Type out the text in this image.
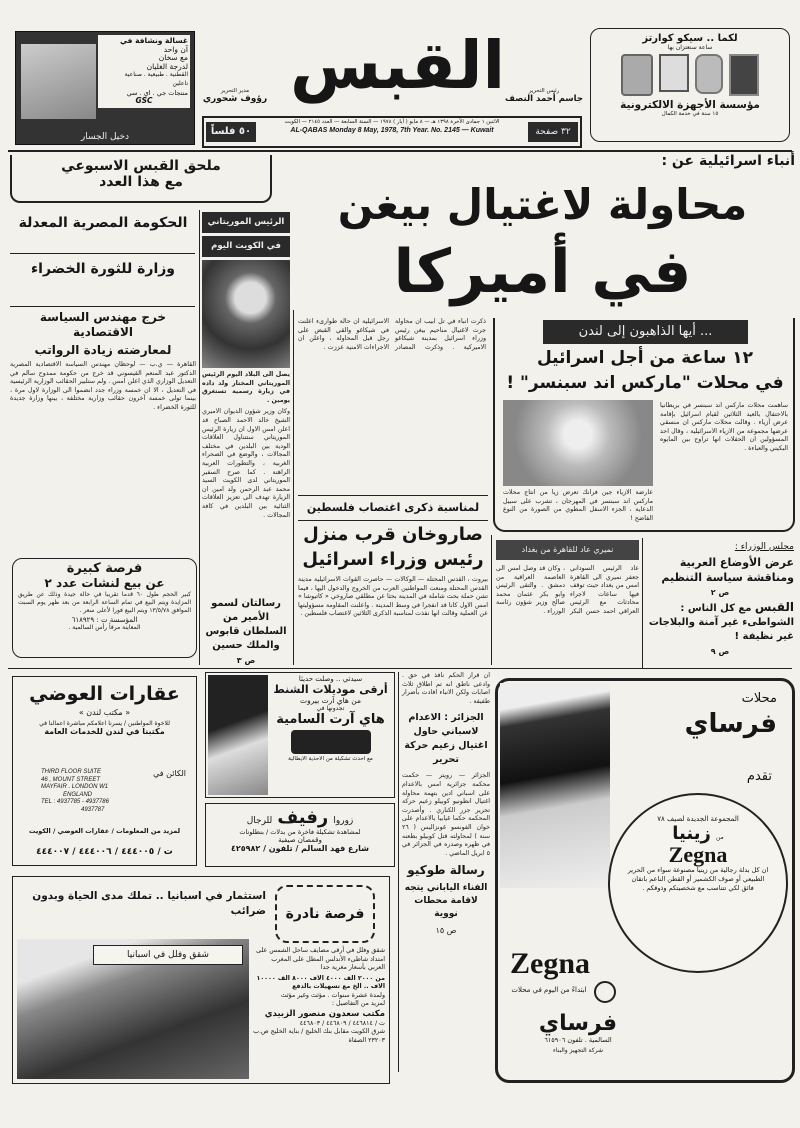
غسالة ونشافة في
آن واحد
مع سخان
لدرجة الغليان
القطنية . طبيعية . صناعية
ناعلين
منتجات جي . اي . سي
GSC
دخيل الجسار
القبس
مدير التحرير
رؤوف شحوري
رئيس التحرير
جاسم أحمد النصف
٥٠ فلساً	٣٢ صفحة
الاثنين ١ جمادى الآخرة ١٣٩٨ هـ — ٨ مايو ( أيار ) ١٩٧٨ — السنة السابعة — العدد ٢١٤٥ — الكويت
AL-QABAS Monday 8 May, 1978, 7th Year. No. 2145 — Kuwait
لكما .. سيكو كوارتز
ساعة سنعتزان بها
مؤسسة الأجهزة الالكترونية
١٥ سنة في خدمة الكمال
ملحق القبس الاسبوعي
مع هذا العدد
أنباء اسرائيلية عن :
محاولة لاغتيال بيغن
في أميركا
الحكومة المصرية المعدلة
وزارة للثورة الخضراء
خرج مهندس السياسة الاقتصادية
لمعارضته زيادة الرواتب
القاهرة — ي.ب — لوحظان مهندس السياسة الاقتصادية المصرية الدكتور عبد المنعم القيسوني قد خرج من حكومة ممدوح سالم في التعديل الوزاري الذي اعلن امس . ولم ستلبير الحقائب الوزارية الرئيسية في التعديل ، الا ان خمسة وزراء جدد انضموا الى الوزارة لاول مرة ، بينما تولى خمسة آخرون حقائب وزارية مختلفة ، بينها وزارة جديدة للثورة الخضراء .
الرئيس الموريتاني
في الكويت اليوم
يصل الى البلاد اليوم الرئيس الموريتاني المختار ولد داده في زيارة رسمية تستغرق يومين .
وكان وزير شؤون الديوان الاميري الشيخ خالد الاحمد الصباح قد اعلن امس الاول ان زيارة الرئيس الموريتاني ستتناول العلاقات الودية بين البلدين في مختلف المجالات ، والوضع في الصحراء الغربية ، والتطورات العربية الراهنة . كما صرح السفير الموريتاني لدى الكويت السيد محمد عبد الرحمن ولد امين ان الزيارة تهدف الى تعزيز العلاقات الثنائية بين البلدين في كافة المجالات .
رسالتان لسمو الأمير من السلطان قابوس والملك حسين
ص ٣
ذكرت انباء في تل ابيب ان محاولة جرت لاغتيال مناحيم بيغن رئيس وزراء اسرائيل بمدينة شيكاغو الاميركية . وذكرت المصادر الاسرائيلية ان حالة طوارىء اعلنت في شيكاغو والقي القبض على رجل قبل المحاولة ، واعلن ان الاجراءات الامنية عززت .
أيها الذاهبون إلى لندن ...
١٢ ساعة من أجل اسرائيل
في محلات "ماركس اند سبنسر" !
ساهمت محلات ماركس اند سبنسر في بريطانيا بالاحتفال بالعيد الثلاثين لقيام اسرائيل بإقامة عرض أزياء . وقالت محلات ماركس ان منسقي عرضها مجموعة من الازياء الاسرائيلية ، وقال احد المسؤولين ان الحفلات انها تراوح بين المايوه البكيني والعباءة .
عارضة الازياء جين فرانك تعرض زيا من انتاج محلات ماركس اند سبنسر في المهرجان ، تشرب على سبيل الدعاية ، الجزء الاسفل المطوي من الصورة من النوع الفاضح !
لمناسبة ذكرى اغتصاب فلسطين
صاروخان قرب منزل
رئيس وزراء اسرائيل
بيروت ، القدس المحتلة — الوكالات — حاصرت القوات الاسرائيلية مدينة القدس المحتلة ومنعت المواطنين العرب من الخروج والدخول اليها ، فيما تشن حملة بحث شاملة في المدينة بحثا عن مطلقي صاروخي « كاتيوشا » امس الاول كانا قد انفجرا في وسط المدينة . واعلنت المقاومة مسؤوليتها عن العملية وقالت انها نفذت لمناسبة الذكرى الثلاثين لاغتصاب فلسطين .
نميري عاد للقاهرة من بغداد
عاد الرئيس السوداني جعفر نميري الى القاهرة امس من بغداد حيث توقف فيها ساعات لاجراء محادثات مع الرئيس العراقي احمد حسن البكر ، وكان قد وصل امس الى العاصمة العراقية من دمشق . والتقى الرئيس وابو بكر عثمان محمد صالح وزير شؤون رئاسة الوزراء .
مجلس الوزراء :
عرض الأوضاع العربية ومناقشة سياسة التنظيم
ص ٢
القبس مع كل الناس : الشواطىء غير آمنة والبلاجات غير نظيفة !
ص ٩
فرصة كبيرة
عن بيع لنشات عدد ٢
كبير الحجم طول ٦٠ قدما تقريبا في حالة جيدة وذلك عن طريق المزايدة ويتم البيع في تمام الساعة الرابعة من بعد ظهر يوم السبت الموافق ١٣/٥/٧٨ ويتم البيع فورا لأعلى سعر .
المؤسسة ت : ٦١٨٩٢٩
المعاينة مرفأ رأس السالمية .
عقارات العوضي
« مكتب لندن »
للاخوة المواطنين / يسرنا اعلامكم مباشرة اعمالنا في
مكتبنا في لندن للخدمات العامة
الكائن في
THIRD FLOOR SUITE
46 , MOUNT STREET
MAYFAIR . LONDON W1
ENGLAND
TEL : 4937785 - 4937786
4937787
لمزيد من المعلومات / عقارات العوضي / الكويت
ت / ٤٤٤٠٠٥ / ٤٤٤٠٠٦ / ٤٤٤٠٠٧
سيدتي .. وصلت حديثا
أرقى موديلات الشنط
من هاي آرت بيروت
تجدونها في
هاي آرت السامية
مع احدث تشكيلة من الاحذية الايطالية
زوروا رفيف للرجال
لمشاهدة تشكيلة فاخرة من بدلات / بنطلونات
وقمصان صيفية
شارع فهد السالم / تلفون / ٤٢٥٩٨٢
ان قرار الحكم نافذ في حق . وادعى ناطق انه تم اطلاق ثلاث اصابات ولكن الانباء افادت بأضرار طفيفة .
الجزائر : الاعدام لاسباني حاول اغتيال زعيم حركة تحرير
الجزائر — رويتر — حكمت محكمة جزائرية امس بالاعدام على اسباني ادين بتهمة محاولة اغتيال انطونيو كوبيلو زعيم حركة تحرير جزر الكناري . وأصدرت المحكمة حكما غيابيا بالاعدام على خوان الفونسو غونزاليس ( ٢٦ سنة ) لمحاولته قتل كوبيلو بطعنه في ظهره وصدره في الجزائر في ٥ ابريل الماضي .
رسالة طوكيو
الفناء الياباني يتجه لاقامة محطات نووية
ص ١٥
محلات
فرساي
تقدم
المجموعة الجديدة لصيف ٧٨
من زينيا
Zegna
ان كل بدلة رجالية من زينيا مصنوعة سواء من الحرير الطبيعي أو صوف الكشمير أو القطن الناعم باتقان فائق لكي تتناسب مع شخصيتكم وذوقكم .
Zegna
ابتداءً من اليوم في محلات
فرساي
السالمية . تلفون ٦١٥٩٠٦
شركة التجهيز والبناء
استثمار في اسبانيا .. تملك مدى الحياة وبدون ضرائب	فرصة نادرة
شقق وفلل في اسبانيا	شقق وفلل في أرقى مصايف ساحل الشمس على امتداد شاطىء الأندلس المطل على المغرب العربي بأسعار مغرية جدا
من ٢٠٠٠ الف ٤٠٠٠ الاف ٨٠٠٠ الف ١٠٠٠٠ الاف .. الخ مع تسهيلات بالدفع
ولمدة عشرة سنوات . مؤثث وغير مؤثث
لمزيد من التفاصيل :
مكتب سعدون منصور الزبيدي
ت / ٤٤٦٨١٤ / ٤٤٦٨٠٩ / ٤٤٦٨٠٣
شرق الكويت مقابل بنك الخليج / بناية الخليج ص.ب ٢٣٢٠٣ الصفاة
